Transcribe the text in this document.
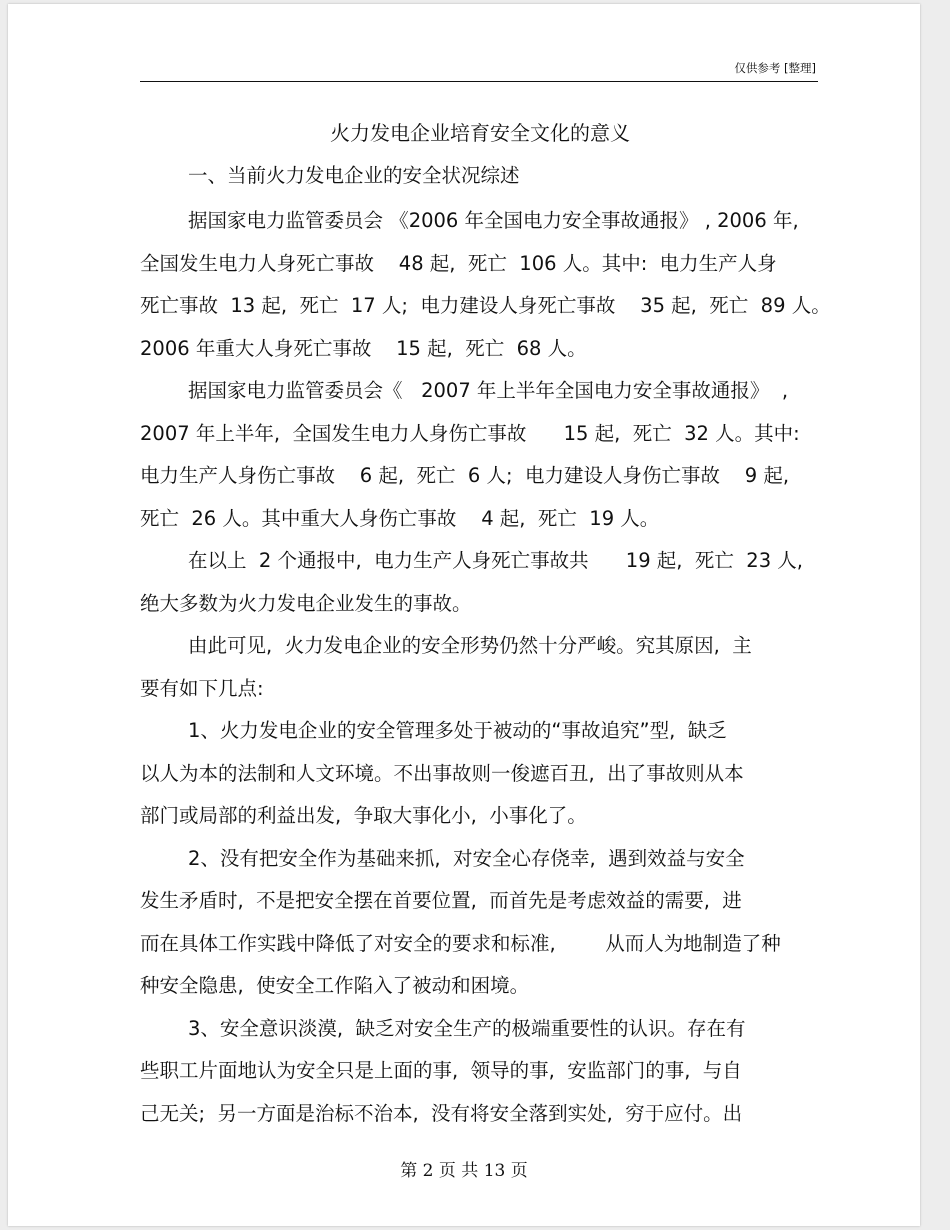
仅供参考 [整理]
火力发电企业培育安全文化的意义
一、当前火力发电企业的安全状况综述
据国家电力监管委员会 《2006 年全国电力安全事故通报》 , 2006 年,
全国发生电力人身死亡事故    48 起,  死亡  106 人。其中:  电力生产人身
死亡事故  13 起,  死亡  17 人;  电力建设人身死亡事故    35 起,  死亡  89 人。
2006 年重大人身死亡事故    15 起,  死亡  68 人。
据国家电力监管委员会《   2007 年上半年全国电力安全事故通报》  ,
2007 年上半年,  全国发生电力人身伤亡事故      15 起,  死亡  32 人。其中:
电力生产人身伤亡事故    6 起,  死亡  6 人;  电力建设人身伤亡事故    9 起,
死亡  26 人。其中重大人身伤亡事故    4 起,  死亡  19 人。
在以上  2 个通报中,  电力生产人身死亡事故共      19 起,  死亡  23 人,
绝大多数为火力发电企业发生的事故。
由此可见,  火力发电企业的安全形势仍然十分严峻。究其原因,  主
要有如下几点:
1、火力发电企业的安全管理多处于被动的“事故追究”型,  缺乏
以人为本的法制和人文环境。不出事故则一俊遮百丑,  出了事故则从本
部门或局部的利益出发,  争取大事化小,  小事化了。
2、没有把安全作为基础来抓,  对安全心存侥幸,  遇到效益与安全
发生矛盾时,  不是把安全摆在首要位置,  而首先是考虑效益的需要,  进
而在具体工作实践中降低了对安全的要求和标准,        从而人为地制造了种
种安全隐患,  使安全工作陷入了被动和困境。
3、安全意识淡漠,  缺乏对安全生产的极端重要性的认识。存在有
些职工片面地认为安全只是上面的事,  领导的事,  安监部门的事,  与自
己无关;  另一方面是治标不治本,  没有将安全落到实处,  穷于应付。出
第 2 页 共 13 页
